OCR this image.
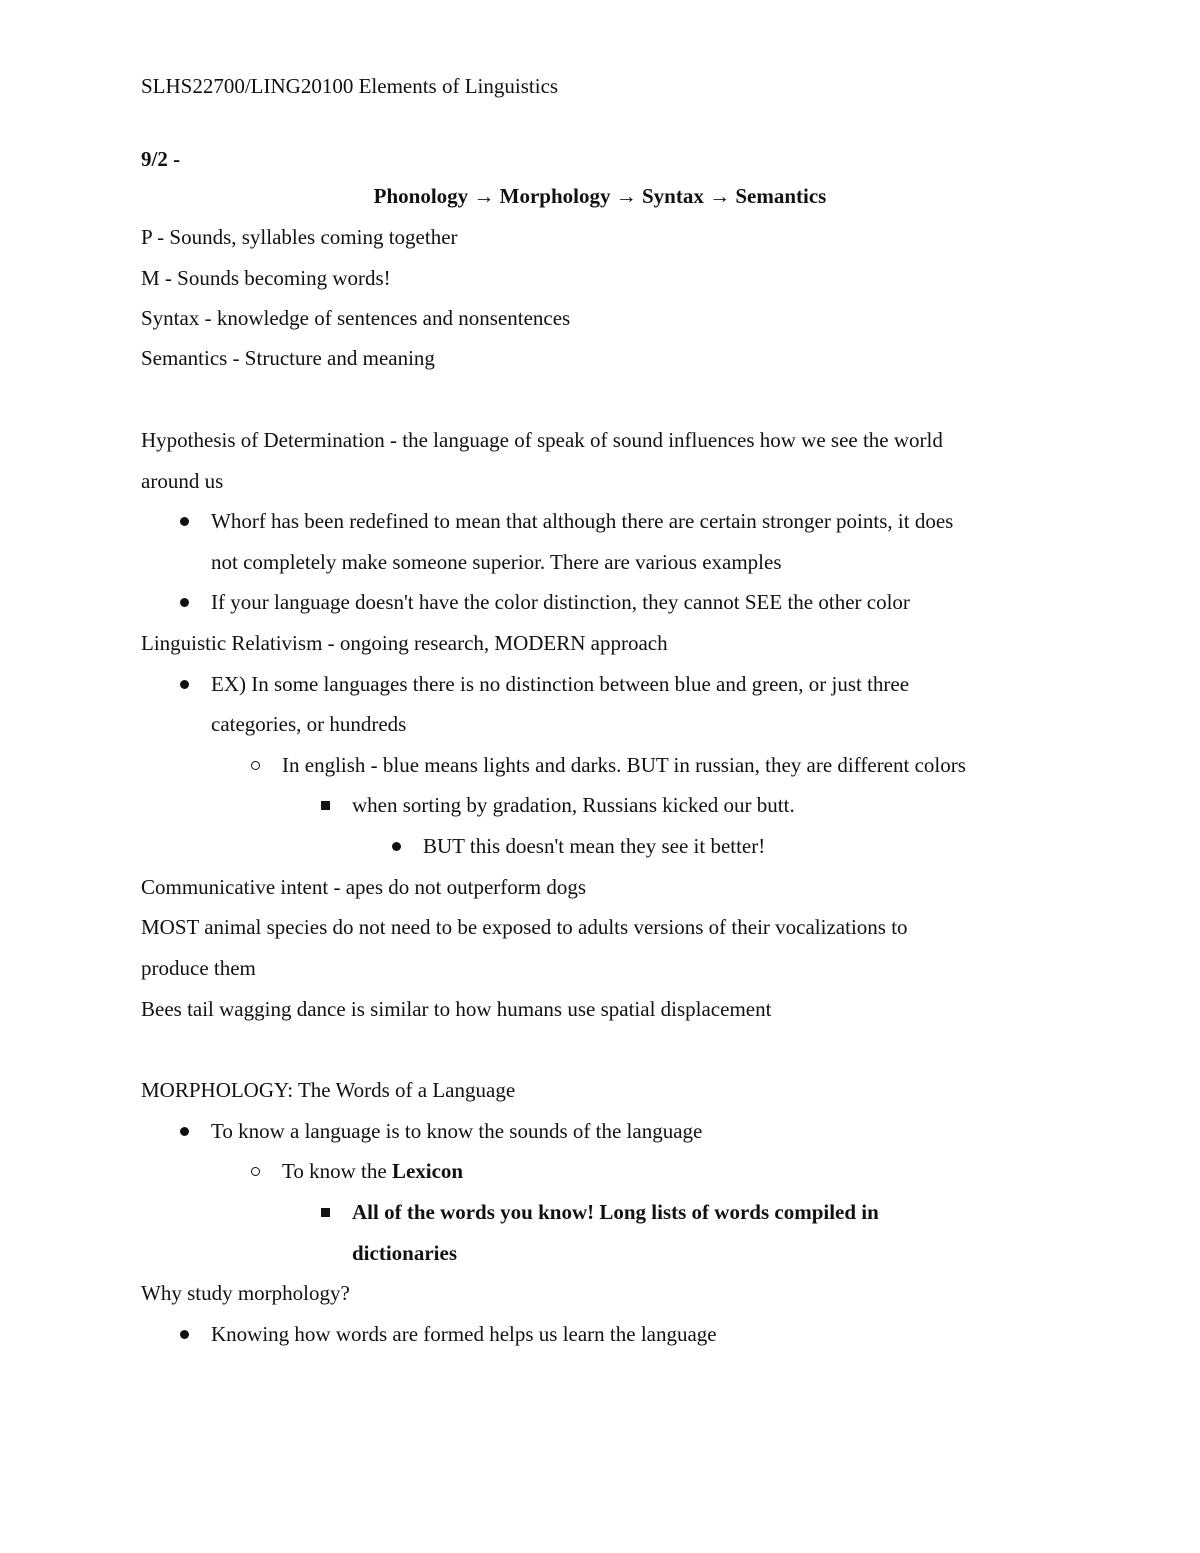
SLHS22700/LING20100 Elements of Linguistics
9/2 -
Phonology → Morphology → Syntax → Semantics
P - Sounds, syllables coming together
M - Sounds becoming words!
Syntax - knowledge of sentences and nonsentences
Semantics - Structure and meaning
Hypothesis of Determination - the language of speak of sound influences how we see the world
around us
Whorf has been redefined to mean that although there are certain stronger points, it does
not completely make someone superior. There are various examples
If your language doesn't have the color distinction, they cannot SEE the other color
Linguistic Relativism - ongoing research, MODERN approach
EX) In some languages there is no distinction between blue and green, or just three
categories, or hundreds
In english - blue means lights and darks. BUT in russian, they are different colors
when sorting by gradation, Russians kicked our butt.
BUT this doesn't mean they see it better!
Communicative intent - apes do not outperform dogs
MOST animal species do not need to be exposed to adults versions of their vocalizations to
produce them
Bees tail wagging dance is similar to how humans use spatial displacement
MORPHOLOGY: The Words of a Language
To know a language is to know the sounds of the language
To know the Lexicon
All of the words you know! Long lists of words compiled in
dictionaries
Why study morphology?
Knowing how words are formed helps us learn the language
